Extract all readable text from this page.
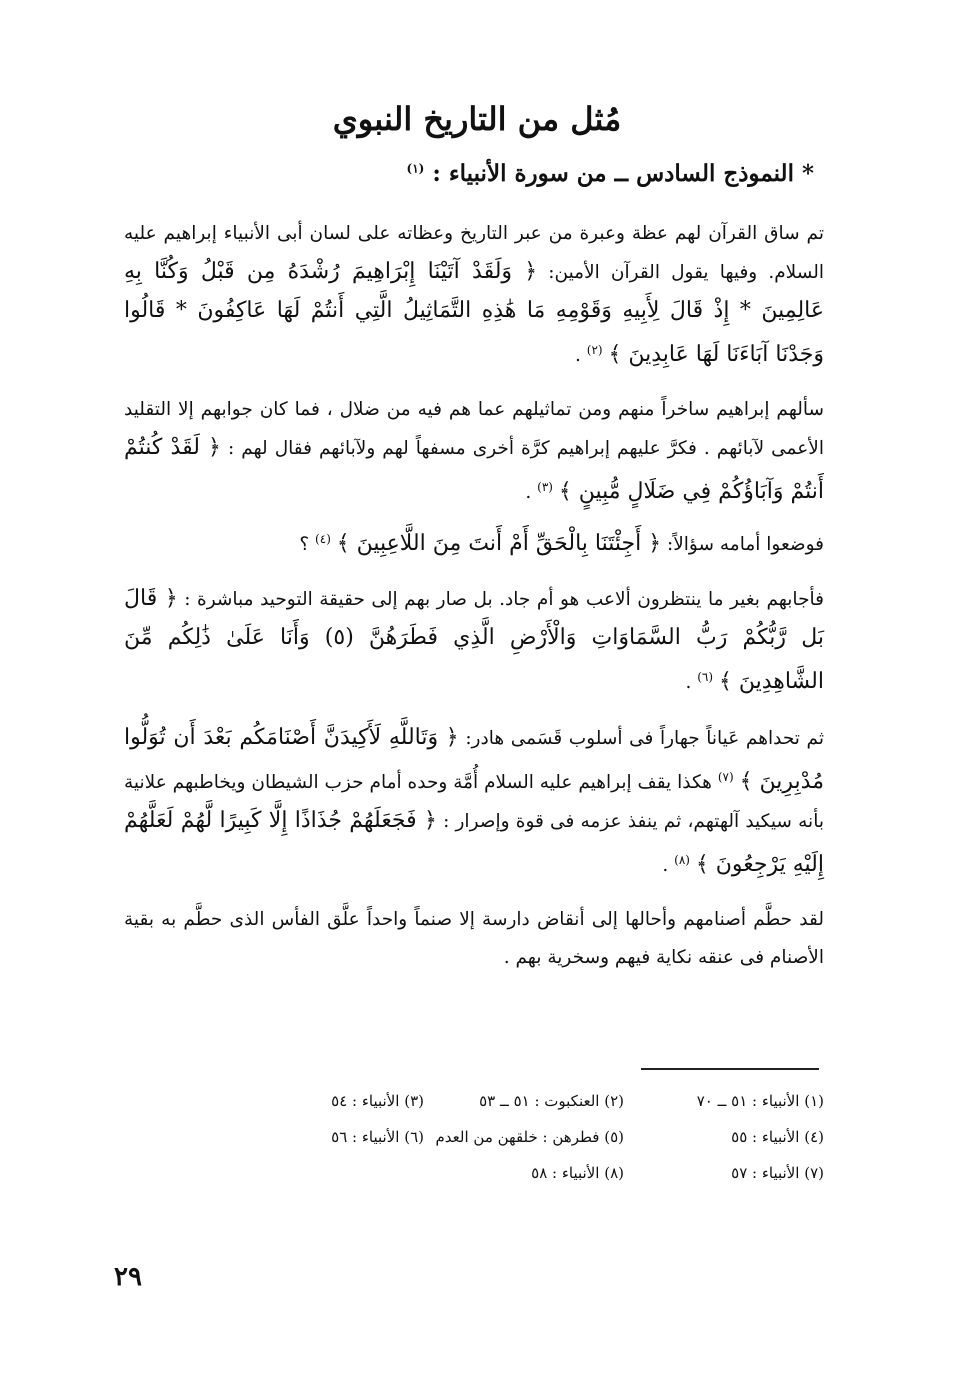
مُثل من التاريخ النبوي
* النموذج السادس ــ من سورة الأنبياء : $^{(١)}$

تم ساق القرآن لهم عظة وعبرة من عبر التاريخ وعظاته على لسان أبى الأنبياء إبراهيم عليه السلام. وفيها يقول القرآن الأمين: ﴿ وَلَقَدْ آتَيْنَا إِبْرَاهِيمَ رُشْدَهُ مِن قَبْلُ وَكُنَّا بِهِ عَالِمِينَ * إِذْ قَالَ لِأَبِيهِ وَقَوْمِهِ مَا هَٰذِهِ التَّمَاثِيلُ الَّتِي أَنتُمْ لَهَا عَاكِفُونَ * قَالُوا وَجَدْنَا آبَاءَنَا لَهَا عَابِدِينَ ﴾ $^{(٢)}$ .

سألهم إبراهيم ساخراً منهم ومن تماثيلهم عما هم فيه من ضلال ، فما كان جوابهم إلا التقليد الأعمى لآبائهم . فكرَّ عليهم إبراهيم كرَّة أخرى مسفهاً لهم ولآبائهم فقال لهم : ﴿ لَقَدْ كُنتُمْ أَنتُمْ وَآبَاؤُكُمْ فِي ضَلَالٍ مُّبِينٍ ﴾ $^{(٣)}$ .

فوضعوا أمامه سؤالاً: ﴿ أَجِئْتَنَا بِالْحَقِّ أَمْ أَنتَ مِنَ اللَّاعِبِينَ ﴾ $^{(٤)}$ ؟

فأجابهم بغير ما ينتظرون ألاعب هو أم جاد. بل صار بهم إلى حقيقة التوحيد مباشرة : ﴿ قَالَ بَل رَّبُّكُمْ رَبُّ السَّمَاوَاتِ وَالْأَرْضِ الَّذِي فَطَرَهُنَّ (٥) وَأَنَا عَلَىٰ ذَٰلِكُم مِّنَ الشَّاهِدِينَ ﴾ $^{(٦)}$ .

ثم تحداهم عَياناً جهاراً فى أسلوب قَسَمى هادر: ﴿ وَتَاللَّهِ لَأَكِيدَنَّ أَصْنَامَكُم بَعْدَ أَن تُوَلُّوا مُدْبِرِينَ ﴾ $^{(٧)}$ هكذا يقف إبراهيم عليه السلام أُمَّة وحده أمام حزب الشيطان ويخاطبهم علانية بأنه سيكيد آلهتهم، ثم ينفذ عزمه فى قوة وإصرار : ﴿ فَجَعَلَهُمْ جُذَاذًا إِلَّا كَبِيرًا لَّهُمْ لَعَلَّهُمْ إِلَيْهِ يَرْجِعُونَ ﴾ $^{(٨)}$ .

لقد حطَّم أصنامهم وأحالها إلى أنقاض دارسة إلا صنماً واحداً علَّق الفأس الذى حطَّم به بقية الأصنام فى عنقه نكاية فيهم وسخرية بهم .

(١) الأنبياء : ٥١ ــ ٧٠
(٢) العنكبوت : ٥١ ــ ٥٣
(٣) الأنبياء : ٥٤
(٤) الأنبياء : ٥٥
(٥) فطرهن : خلقهن من العدم
(٦) الأنبياء : ٥٦
(٧) الأنبياء : ٥٧
(٨) الأنبياء : ٥٨
٢٩
